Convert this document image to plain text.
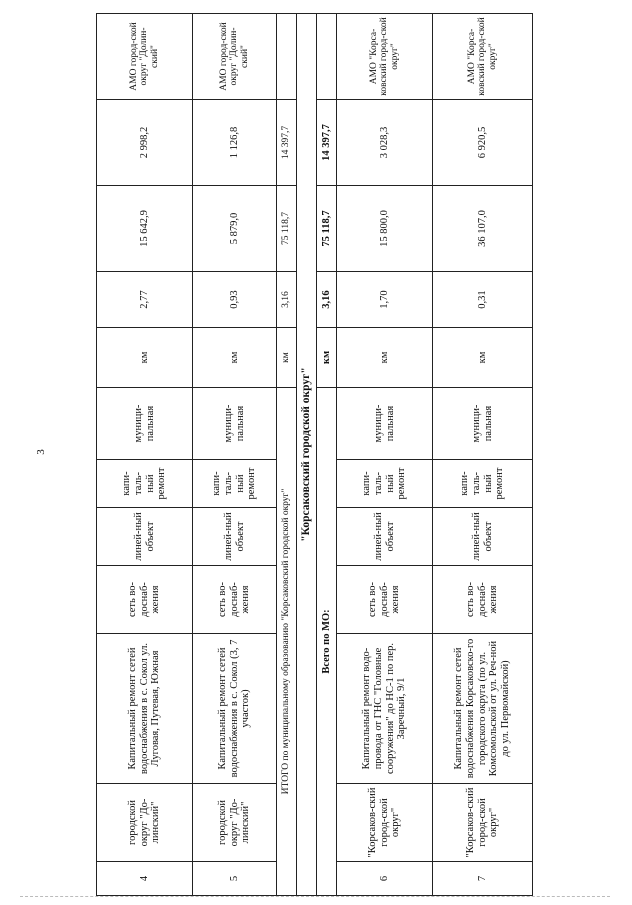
3
4	городской округ "До-линский"	Капитальный ремонт сетей водоснабжения в с. Сокол ул. Луговая, Путевая, Южная	сеть во-доснаб-жения	линей-ный объект	капи-таль-ный ремонт	муници-пальная	км	2,77	15 642,9	2 998,2	АМО город-ской округ "Долин-ский"
5	городской округ "До-линский"	Капитальный ремонт сетей водоснабжения в с. Сокол (3, 7 участок)	сеть во-доснаб-жения	линей-ный объект	капи-таль-ный ремонт	муници-пальная	км	0,93	5 879,0	1 126,8	АМО город-ской округ "Долин-ский"
ИТОГО по муниципальному образованию "Корсаковский городской округ"							км	3,16	75 118,7	14 397,7	
"Корсаковский городской округ"											
Всего по МО:							км	3,16	75 118,7	14 397,7	
6	"Корсаков-ский город-ской округ"	Капитальный ремонт водо-провода от ГНС "Головные сооружения" до НС-1 по пер. Заречный, 9/1	сеть во-доснаб-жения	линей-ный объект	капи-таль-ный ремонт	муници-пальная	км	1,70	15 800,0	3 028,3	АМО "Корса-ковский город-ской округ"
7	"Корсаков-ский город-ской округ"	Капитальный ремонт сетей водоснабжения Корсаковско-го городского округа (по ул. Комсомольской от ул. Реч-ной до ул. Первомайской)	сеть во-доснаб-жения	линей-ный объект	капи-таль-ный ремонт	муници-пальная	км	0,31	36 107,0	6 920,5	АМО "Корса-ковский город-ской округ"
